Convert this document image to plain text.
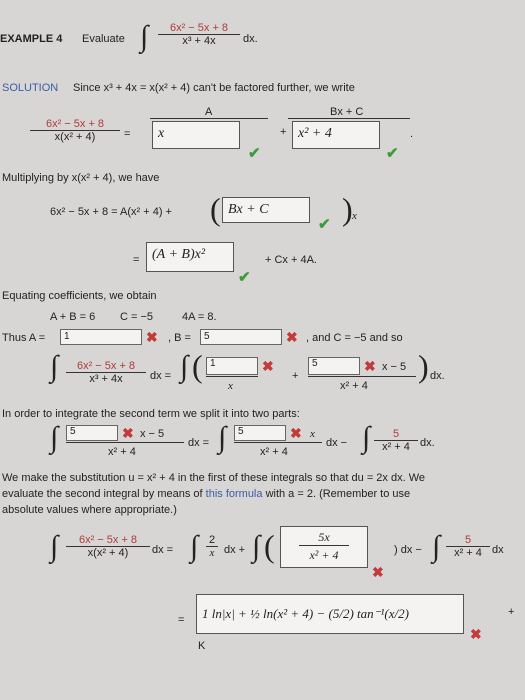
EXAMPLE 4 Evaluate ∫ $\frac{\text{6x² − 5x + 8}}{\text{x³ + 4x}}$ dx.
SOLUTION Since x³ + 4x = x(x² + 4) can't be factored further, we write
A	Bx + C
$\frac{\text{6x² − 5x + 8}}{\text{x(x² + 4)}}$ =	x
✔
+ x² + 4	.
✔
Multiplying by x(x² + 4), we have
6x² − 5x + 8 = A(x² + 4) + ( Bx + C
✔ ) x
= (A + B)x²
✔
+ Cx + 4A.
Equating coefficients, we obtain
A + B = 6 C = −5	4A = 8.
Thus A =	1	✖ , B =	5	✖ , and C = −5 and so
∫ $\frac{\text{6x² − 5x + 8}}{\text{x³ + 4x}}$ dx = ∫ ( 1
x
✖
+
5	✖ x − 5
x² + 4
) dx.
In order to integrate the second term we split it into two parts:
∫	5	✖ x − 5
x² + 4
dx = ∫	5	✖ x
x² + 4
dx − ∫ $\frac{5}{\text{x² + 4}}$ dx.
We make the substitution u = x² + 4 in the first of these integrals so that du = 2x dx. We
evaluate the second integral by means of this formula with a = 2. (Remember to use
absolute values where appropriate.)
∫ $\frac{\text{6x² − 5x + 8}}{\text{x(x² + 4)}}$ dx = ∫ $\frac{2}{x}$ dx + ∫ ( $\frac{5x}{\text{x² + 4}}$
✖
) dx − ∫ $\frac{5}{\text{x² + 4}}$ dx
=	1 ln|x| + ½ ln(x² + 4) − (5/2) tan⁻¹(x/2)	+
✖
K
